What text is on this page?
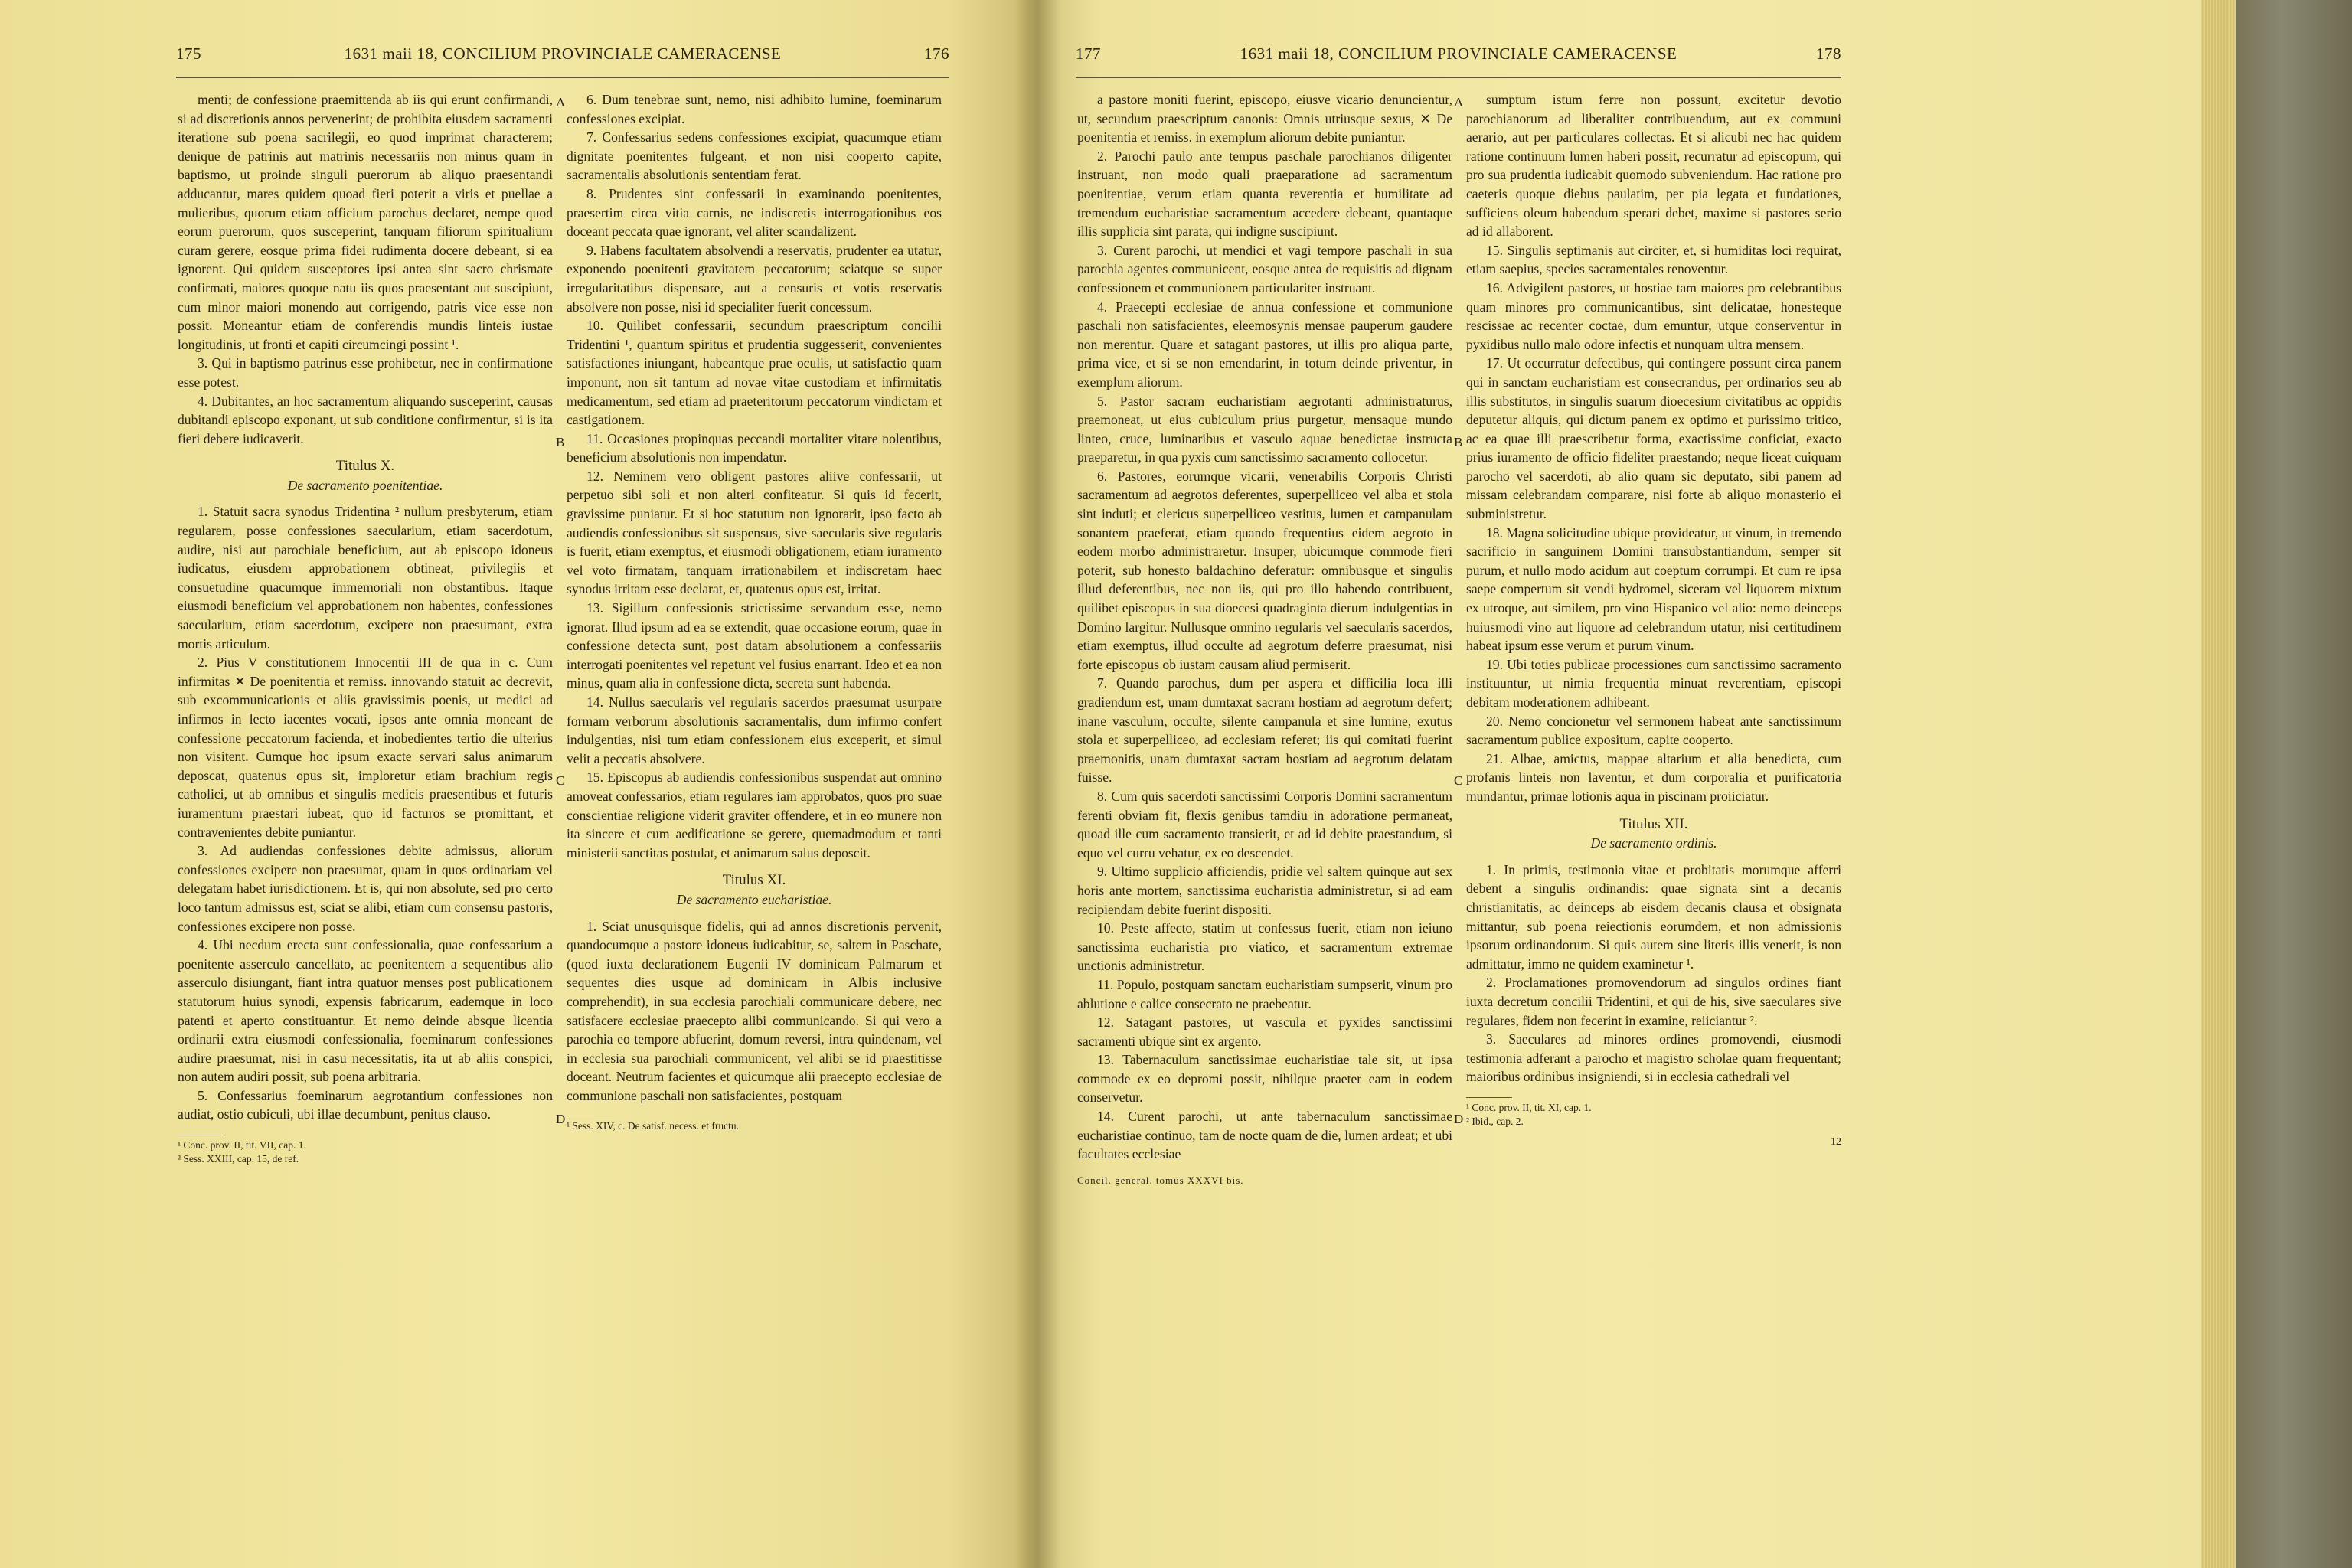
175	1631 maii 18, CONCILIUM PROVINCIALE CAMERACENSE	176

menti; de confessione praemittenda ab iis qui erunt confirmandi, si ad discretionis annos pervenerint; de prohibita eiusdem sacramenti iteratione sub poena sacrilegii, eo quod imprimat characterem; denique de patrinis aut matrinis necessariis non minus quam in baptismo, ut proinde singuli puerorum ab aliquo praesentandi adducantur, mares quidem quoad fieri poterit a viris et puellae a mulieribus, quorum etiam officium parochus declaret, nempe quod eorum puerorum, quos susceperint, tanquam filiorum spiritualium curam gerere, eosque prima fidei rudimenta docere debeant, si ea ignorent. Qui quidem susceptores ipsi antea sint sacro chrismate confirmati, maiores quoque natu iis quos praesentant aut suscipiunt, cum minor maiori monendo aut corrigendo, patris vice esse non possit. Moneantur etiam de conferendis mundis linteis iustae longitudinis, ut fronti et capiti circumcingi possint ¹.

3. Qui in baptismo patrinus esse prohibetur, nec in confirmatione esse potest.

4. Dubitantes, an hoc sacramentum aliquando susceperint, causas dubitandi episcopo exponant, ut sub conditione confirmentur, si is ita fieri debere iudicaverit.

Titulus X.

De sacramento poenitentiae.

1. Statuit sacra synodus Tridentina ² nullum presbyterum, etiam regularem, posse confessiones saecularium, etiam sacerdotum, audire, nisi aut parochiale beneficium, aut ab episcopo idoneus iudicatus, eiusdem approbationem obtineat, privilegiis et consuetudine quacumque immemoriali non obstantibus. Itaque eiusmodi beneficium vel approbationem non habentes, confessiones saecularium, etiam sacerdotum, excipere non praesumant, extra mortis articulum.

2. Pius V constitutionem Innocentii III de qua in c. Cum infirmitas ✕ De poenitentia et remiss. innovando statuit ac decrevit, sub excommunicationis et aliis gravissimis poenis, ut medici ad infirmos in lecto iacentes vocati, ipsos ante omnia moneant de confessione peccatorum facienda, et inobedientes tertio die ulterius non visitent. Cumque hoc ipsum exacte servari salus animarum deposcat, quatenus opus sit, imploretur etiam brachium regis catholici, ut ab omnibus et singulis medicis praesentibus et futuris iuramentum praestari iubeat, quo id facturos se promittant, et contravenientes debite puniantur.

3. Ad audiendas confessiones debite admissus, aliorum confessiones excipere non praesumat, quam in quos ordinariam vel delegatam habet iurisdictionem. Et is, qui non absolute, sed pro certo loco tantum admissus est, sciat se alibi, etiam cum consensu pastoris, confessiones excipere non posse.

4. Ubi necdum erecta sunt confessionalia, quae confessarium a poenitente asserculo cancellato, ac poenitentem a sequentibus alio asserculo disiungant, fiant intra quatuor menses post publicationem statutorum huius synodi, expensis fabricarum, eademque in loco patenti et aperto constituantur. Et nemo deinde absque licentia ordinarii extra eiusmodi confessionalia, foeminarum confessiones audire praesumat, nisi in casu necessitatis, ita ut ab aliis conspici, non autem audiri possit, sub poena arbitraria.

5. Confessarius foeminarum aegrotantium confessiones non audiat, ostio cubiculi, ubi illae decumbunt, penitus clauso.

¹ Conc. prov. II, tit. VII, cap. 1.

² Sess. XXIII, cap. 15, de ref.

6. Dum tenebrae sunt, nemo, nisi adhibito lumine, foeminarum confessiones excipiat.

7. Confessarius sedens confessiones excipiat, quacumque etiam dignitate poenitentes fulgeant, et non nisi cooperto capite, sacramentalis absolutionis sententiam ferat.

8. Prudentes sint confessarii in examinando poenitentes, praesertim circa vitia carnis, ne indiscretis interrogationibus eos doceant peccata quae ignorant, vel aliter scandalizent.

9. Habens facultatem absolvendi a reservatis, prudenter ea utatur, exponendo poenitenti gravitatem peccatorum; sciatque se super irregularitatibus dispensare, aut a censuris et votis reservatis absolvere non posse, nisi id specialiter fuerit concessum.

10. Quilibet confessarii, secundum praescriptum concilii Tridentini ¹, quantum spiritus et prudentia suggesserit, convenientes satisfactiones iniungant, habeantque prae oculis, ut satisfactio quam imponunt, non sit tantum ad novae vitae custodiam et infirmitatis medicamentum, sed etiam ad praeteritorum peccatorum vindictam et castigationem.

11. Occasiones propinquas peccandi mortaliter vitare nolentibus, beneficium absolutionis non impendatur.

12. Neminem vero obligent pastores aliive confessarii, ut perpetuo sibi soli et non alteri confiteatur. Si quis id fecerit, gravissime puniatur. Et si hoc statutum non ignorarit, ipso facto ab audiendis confessionibus sit suspensus, sive saecularis sive regularis is fuerit, etiam exemptus, et eiusmodi obligationem, etiam iuramento vel voto firmatam, tanquam irrationabilem et indiscretam haec synodus irritam esse declarat, et, quatenus opus est, irritat.

13. Sigillum confessionis strictissime servandum esse, nemo ignorat. Illud ipsum ad ea se extendit, quae occasione eorum, quae in confessione detecta sunt, post datam absolutionem a confessariis interrogati poenitentes vel repetunt vel fusius enarrant. Ideo et ea non minus, quam alia in confessione dicta, secreta sunt habenda.

14. Nullus saecularis vel regularis sacerdos praesumat usurpare formam verborum absolutionis sacramentalis, dum infirmo confert indulgentias, nisi tum etiam confessionem eius exceperit, et simul velit a peccatis absolvere.

15. Episcopus ab audiendis confessionibus suspendat aut omnino amoveat confessarios, etiam regulares iam approbatos, quos pro suae conscientiae religione viderit graviter offendere, et in eo munere non ita sincere et cum aedificatione se gerere, quemadmodum et tanti ministerii sanctitas postulat, et animarum salus deposcit.

Titulus XI.

De sacramento eucharistiae.

1. Sciat unusquisque fidelis, qui ad annos discretionis pervenit, quandocumque a pastore idoneus iudicabitur, se, saltem in Paschate, (quod iuxta declarationem Eugenii IV dominicam Palmarum et sequentes dies usque ad dominicam in Albis inclusive comprehendit), in sua ecclesia parochiali communicare debere, nec satisfacere ecclesiae praecepto alibi communicando. Si qui vero a parochia eo tempore abfuerint, domum reversi, intra quindenam, vel in ecclesia sua parochiali communicent, vel alibi se id praestitisse doceant. Neutrum facientes et quicumque alii praecepto ecclesiae de communione paschali non satisfacientes, postquam

¹ Sess. XIV, c. De satisf. necess. et fructu.

A
B
C
D
177	1631 maii 18, CONCILIUM PROVINCIALE CAMERACENSE	178

a pastore moniti fuerint, episcopo, eiusve vicario denuncientur, ut, secundum praescriptum canonis: Omnis utriusque sexus, ✕ De poenitentia et remiss. in exemplum aliorum debite puniantur.

2. Parochi paulo ante tempus paschale parochianos diligenter instruant, non modo quali praeparatione ad sacramentum poenitentiae, verum etiam quanta reverentia et humilitate ad tremendum eucharistiae sacramentum accedere debeant, quantaque illis supplicia sint parata, qui indigne suscipiunt.

3. Curent parochi, ut mendici et vagi tempore paschali in sua parochia agentes communicent, eosque antea de requisitis ad dignam confessionem et communionem particulariter instruant.

4. Praecepti ecclesiae de annua confessione et communione paschali non satisfacientes, eleemosynis mensae pauperum gaudere non merentur. Quare et satagant pastores, ut illis pro aliqua parte, prima vice, et si se non emendarint, in totum deinde priventur, in exemplum aliorum.

5. Pastor sacram eucharistiam aegrotanti administraturus, praemoneat, ut eius cubiculum prius purgetur, mensaque mundo linteo, cruce, luminaribus et vasculo aquae benedictae instructa praeparetur, in qua pyxis cum sanctissimo sacramento collocetur.

6. Pastores, eorumque vicarii, venerabilis Corporis Christi sacramentum ad aegrotos deferentes, superpelliceo vel alba et stola sint induti; et clericus superpelliceo vestitus, lumen et campanulam sonantem praeferat, etiam quando frequentius eidem aegroto in eodem morbo administraretur. Insuper, ubicumque commode fieri poterit, sub honesto baldachino deferatur: omnibusque et singulis illud deferentibus, nec non iis, qui pro illo habendo contribuent, quilibet episcopus in sua dioecesi quadraginta dierum indulgentias in Domino largitur. Nullusque omnino regularis vel saecularis sacerdos, etiam exemptus, illud occulte ad aegrotum deferre praesumat, nisi forte episcopus ob iustam causam aliud permiserit.

7. Quando parochus, dum per aspera et difficilia loca illi gradiendum est, unam dumtaxat sacram hostiam ad aegrotum defert; inane vasculum, occulte, silente campanula et sine lumine, exutus stola et superpelliceo, ad ecclesiam referet; iis qui comitati fuerint praemonitis, unam dumtaxat sacram hostiam ad aegrotum delatam fuisse.

8. Cum quis sacerdoti sanctissimi Corporis Domini sacramentum ferenti obviam fit, flexis genibus tamdiu in adoratione permaneat, quoad ille cum sacramento transierit, et ad id debite praestandum, si equo vel curru vehatur, ex eo descendet.

9. Ultimo supplicio afficiendis, pridie vel saltem quinque aut sex horis ante mortem, sanctissima eucharistia administretur, si ad eam recipiendam debite fuerint dispositi.

10. Peste affecto, statim ut confessus fuerit, etiam non ieiuno sanctissima eucharistia pro viatico, et sacramentum extremae unctionis administretur.

11. Populo, postquam sanctam eucharistiam sumpserit, vinum pro ablutione e calice consecrato ne praebeatur.

12. Satagant pastores, ut vascula et pyxides sanctissimi sacramenti ubique sint ex argento.

13. Tabernaculum sanctissimae eucharistiae tale sit, ut ipsa commode ex eo depromi possit, nihilque praeter eam in eodem conservetur.

14. Curent parochi, ut ante tabernaculum sanctissimae eucharistiae continuo, tam de nocte quam de die, lumen ardeat; et ubi facultates ecclesiae

Concil. general. tomus XXXVI bis.

sumptum istum ferre non possunt, excitetur devotio parochianorum ad liberaliter contribuendum, aut ex communi aerario, aut per particulares collectas. Et si alicubi nec hac quidem ratione continuum lumen haberi possit, recurratur ad episcopum, qui pro sua prudentia iudicabit quomodo subveniendum. Hac ratione pro caeteris quoque diebus paulatim, per pia legata et fundationes, sufficiens oleum habendum sperari debet, maxime si pastores serio ad id allaborent.

15. Singulis septimanis aut circiter, et, si humiditas loci requirat, etiam saepius, species sacramentales renoventur.

16. Advigilent pastores, ut hostiae tam maiores pro celebrantibus quam minores pro communicantibus, sint delicatae, honesteque rescissae ac recenter coctae, dum emuntur, utque conserventur in pyxidibus nullo malo odore infectis et nunquam ultra mensem.

17. Ut occurratur defectibus, qui contingere possunt circa panem qui in sanctam eucharistiam est consecrandus, per ordinarios seu ab illis substitutos, in singulis suarum dioecesium civitatibus ac oppidis deputetur aliquis, qui dictum panem ex optimo et purissimo tritico, ac ea quae illi praescribetur forma, exactissime conficiat, exacto prius iuramento de officio fideliter praestando; neque liceat cuiquam parocho vel sacerdoti, ab alio quam sic deputato, sibi panem ad missam celebrandam comparare, nisi forte ab aliquo monasterio ei subministretur.

18. Magna solicitudine ubique provideatur, ut vinum, in tremendo sacrificio in sanguinem Domini transubstantiandum, semper sit purum, et nullo modo acidum aut coeptum corrumpi. Et cum re ipsa saepe compertum sit vendi hydromel, siceram vel liquorem mixtum ex utroque, aut similem, pro vino Hispanico vel alio: nemo deinceps huiusmodi vino aut liquore ad celebrandum utatur, nisi certitudinem habeat ipsum esse verum et purum vinum.

19. Ubi toties publicae processiones cum sanctissimo sacramento instituuntur, ut nimia frequentia minuat reverentiam, episcopi debitam moderationem adhibeant.

20. Nemo concionetur vel sermonem habeat ante sanctissimum sacramentum publice expositum, capite cooperto.

21. Albae, amictus, mappae altarium et alia benedicta, cum profanis linteis non laventur, et dum corporalia et purificatoria mundantur, primae lotionis aqua in piscinam proiiciatur.

Titulus XII.

De sacramento ordinis.

1. In primis, testimonia vitae et probitatis morumque afferri debent a singulis ordinandis: quae signata sint a decanis christianitatis, ac deinceps ab eisdem decanis clausa et obsignata mittantur, sub poena reiectionis eorumdem, et non admissionis ipsorum ordinandorum. Si quis autem sine literis illis venerit, is non admittatur, immo ne quidem examinetur ¹.

2. Proclamationes promovendorum ad singulos ordines fiant iuxta decretum concilii Tridentini, et qui de his, sive saeculares sive regulares, fidem non fecerint in examine, reiiciantur ².

3. Saeculares ad minores ordines promovendi, eiusmodi testimonia adferant a parocho et magistro scholae quam frequentant; maioribus ordinibus insigniendi, si in ecclesia cathedrali vel

¹ Conc. prov. II, tit. XI, cap. 1.

² Ibid., cap. 2.

12

A
B
C
D
